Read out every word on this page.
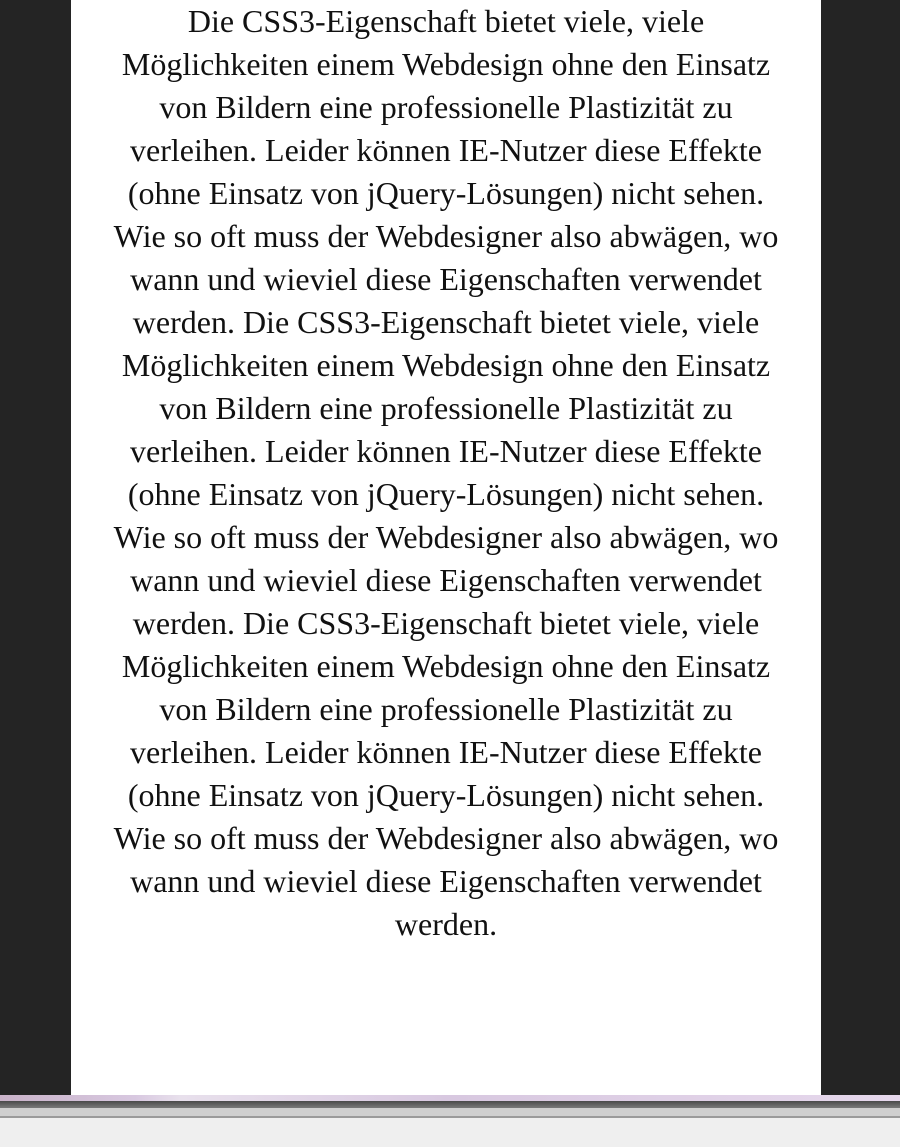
Die CSS3-Eigenschaft bietet viele, viele
Möglichkeiten einem Webdesign ohne den Einsatz
von Bildern eine professionelle Plastizität zu
verleihen. Leider können IE-Nutzer diese Effekte
(ohne Einsatz von jQuery-Lösungen) nicht sehen.
Wie so oft muss der Webdesigner also abwägen, wo
wann und wieviel diese Eigenschaften verwendet
werden. Die CSS3-Eigenschaft bietet viele, viele
Möglichkeiten einem Webdesign ohne den Einsatz
von Bildern eine professionelle Plastizität zu
verleihen. Leider können IE-Nutzer diese Effekte
(ohne Einsatz von jQuery-Lösungen) nicht sehen.
Wie so oft muss der Webdesigner also abwägen, wo
wann und wieviel diese Eigenschaften verwendet
werden. Die CSS3-Eigenschaft bietet viele, viele
Möglichkeiten einem Webdesign ohne den Einsatz
von Bildern eine professionelle Plastizität zu
verleihen. Leider können IE-Nutzer diese Effekte
(ohne Einsatz von jQuery-Lösungen) nicht sehen.
Wie so oft muss der Webdesigner also abwägen, wo
wann und wieviel diese Eigenschaften verwendet
werden.
